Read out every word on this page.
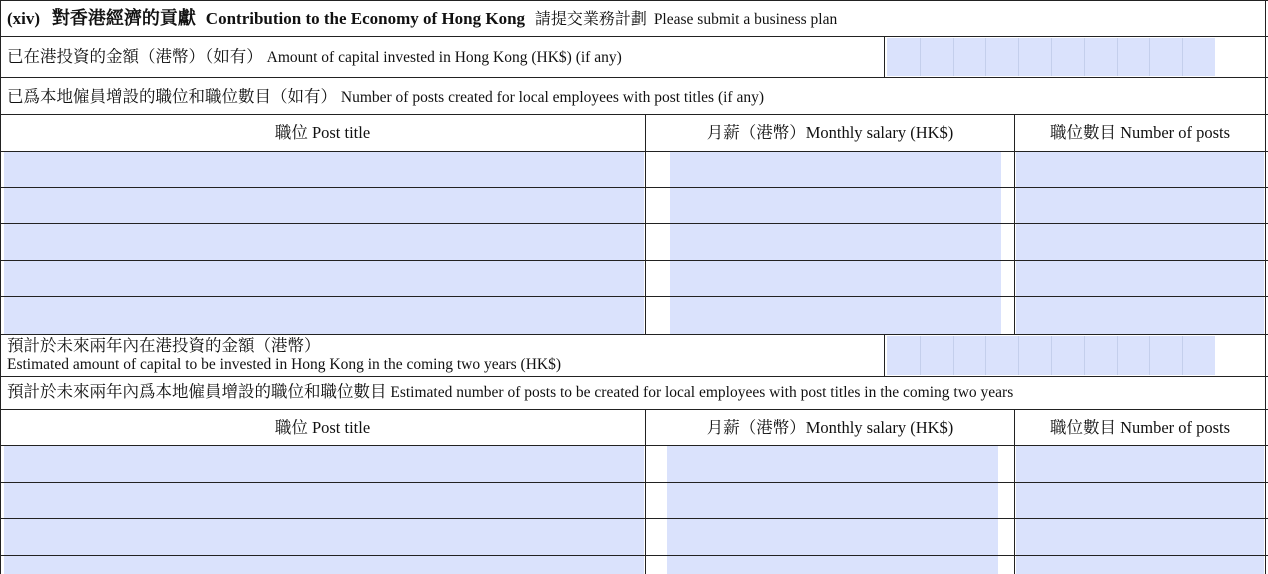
(xiv) 對香港經濟的貢獻 Contribution to the Economy of Hong Kong 請提交業務計劃 Please submit a business plan
已在港投資的金額（港幣）（如有） Amount of capital invested in Hong Kong (HK$) (if any)
已爲本地僱員增設的職位和職位數目（如有） Number of posts created for local employees with post titles (if any)
職位 Post title	月薪（港幣）Monthly salary (HK$)	職位數目 Number of posts
預計於未來兩年內在港投資的金額（港幣）
Estimated amount of capital to be invested in Hong Kong in the coming two years (HK$)
預計於未來兩年內爲本地僱員增設的職位和職位數目 Estimated number of posts to be created for local employees with post titles in the coming two years
職位 Post title	月薪（港幣）Monthly salary (HK$)	職位數目 Number of posts
